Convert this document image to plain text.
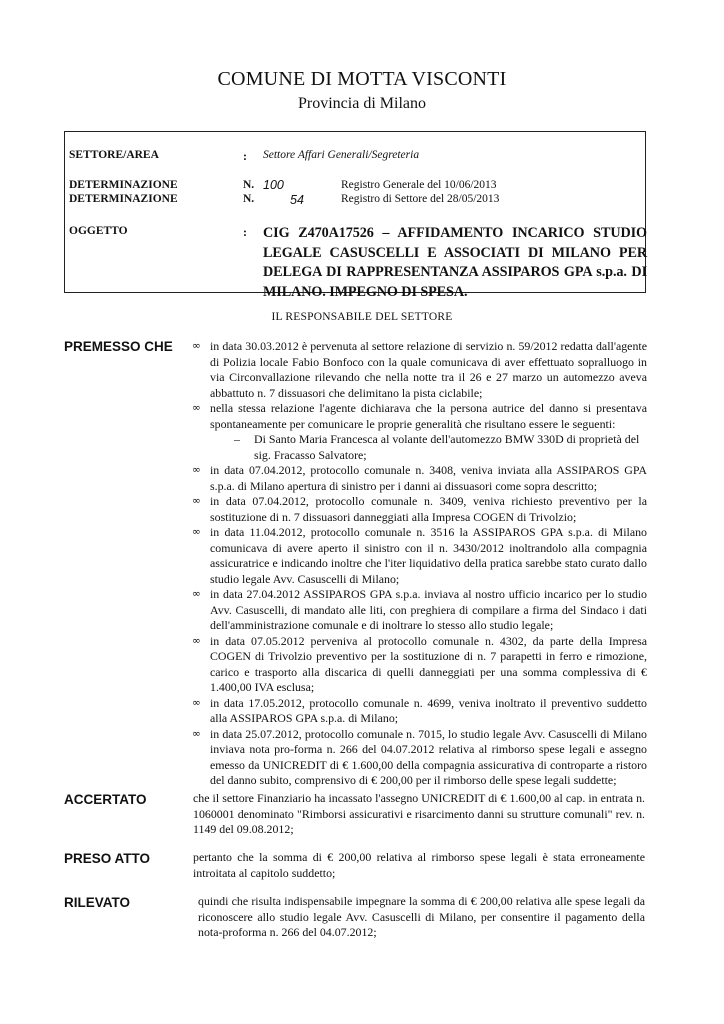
COMUNE DI MOTTA VISCONTI
Provincia di Milano
SETTORE/AREA	: Settore Affari Generali/Segreteria
DETERMINAZIONE	N. 100	Registro Generale del 10/06/2013
DETERMINAZIONE	N.	54	Registro di Settore del 28/05/2013
OGGETTO	: CIG Z470A17526 – AFFIDAMENTO INCARICO STUDIO LEGALE CASUSCELLI E ASSOCIATI DI MILANO PER DELEGA DI RAPPRESENTANZA ASSIPAROS GPA s.p.a. DI MILANO. IMPEGNO DI SPESA.
IL RESPONSABILE DEL SETTORE
PREMESSO CHE ∞ in data 30.03.2012 è pervenuta al settore relazione di servizio n. 59/2012 redatta dall'agente di Polizia locale Fabio Bonfoco con la quale comunicava di aver effettuato sopralluogo in via Circonvallazione rilevando che nella notte tra il 26 e 27 marzo un automezzo aveva abbattuto n. 7 dissuasori che delimitano la pista ciclabile;
∞ nella stessa relazione l'agente dichiarava che la persona autrice del danno si presentava spontaneamente per comunicare le proprie generalità che risultano essere le seguenti:
– Di Santo Maria Francesca al volante dell'automezzo BMW 330D di proprietà del sig. Fracasso Salvatore;
∞ in data 07.04.2012, protocollo comunale n. 3408, veniva inviata alla ASSIPAROS GPA s.p.a. di Milano apertura di sinistro per i danni ai dissuasori come sopra descritto;
∞ in data 07.04.2012, protocollo comunale n. 3409, veniva richiesto preventivo per la sostituzione di n. 7 dissuasori danneggiati alla Impresa COGEN di Trivolzio;
∞ in data 11.04.2012, protocollo comunale n. 3516 la ASSIPAROS GPA s.p.a. di Milano comunicava di avere aperto il sinistro con il n. 3430/2012 inoltrandolo alla compagnia assicuratrice e indicando inoltre che l'iter liquidativo della pratica sarebbe stato curato dallo studio legale Avv. Casuscelli di Milano;
∞ in data 27.04.2012 ASSIPAROS GPA s.p.a. inviava al nostro ufficio incarico per lo studio Avv. Casuscelli, di mandato alle liti, con preghiera di compilare a firma del Sindaco i dati dell'amministrazione comunale e di inoltrare lo stesso allo studio legale;
∞ in data 07.05.2012 perveniva al protocollo comunale n. 4302, da parte della Impresa COGEN di Trivolzio preventivo per la sostituzione di n. 7 parapetti in ferro e rimozione, carico e trasporto alla discarica di quelli danneggiati per una somma complessiva di € 1.400,00 IVA esclusa;
∞ in data 17.05.2012, protocollo comunale n. 4699, veniva inoltrato il preventivo suddetto alla ASSIPAROS GPA s.p.a. di Milano;
∞ in data 25.07.2012, protocollo comunale n. 7015, lo studio legale Avv. Casuscelli di Milano inviava nota pro-forma n. 266 del 04.07.2012 relativa al rimborso spese legali e assegno emesso da UNICREDIT di € 1.600,00 della compagnia assicurativa di controparte a ristoro del danno subito, comprensivo di € 200,00 per il rimborso delle spese legali suddette;
ACCERTATO	che il settore Finanziario ha incassato l'assegno UNICREDIT di € 1.600,00 al cap. in entrata n. 1060001 denominato "Rimborsi assicurativi e risarcimento danni su strutture comunali" rev. n. 1149 del 09.08.2012;
PRESO ATTO	pertanto che la somma di € 200,00 relativa al rimborso spese legali è stata erroneamente introitata al capitolo suddetto;
RILEVATO	quindi che risulta indispensabile impegnare la somma di € 200,00 relativa alle spese legali da riconoscere allo studio legale Avv. Casuscelli di Milano, per consentire il pagamento della nota-proforma n. 266 del 04.07.2012;
